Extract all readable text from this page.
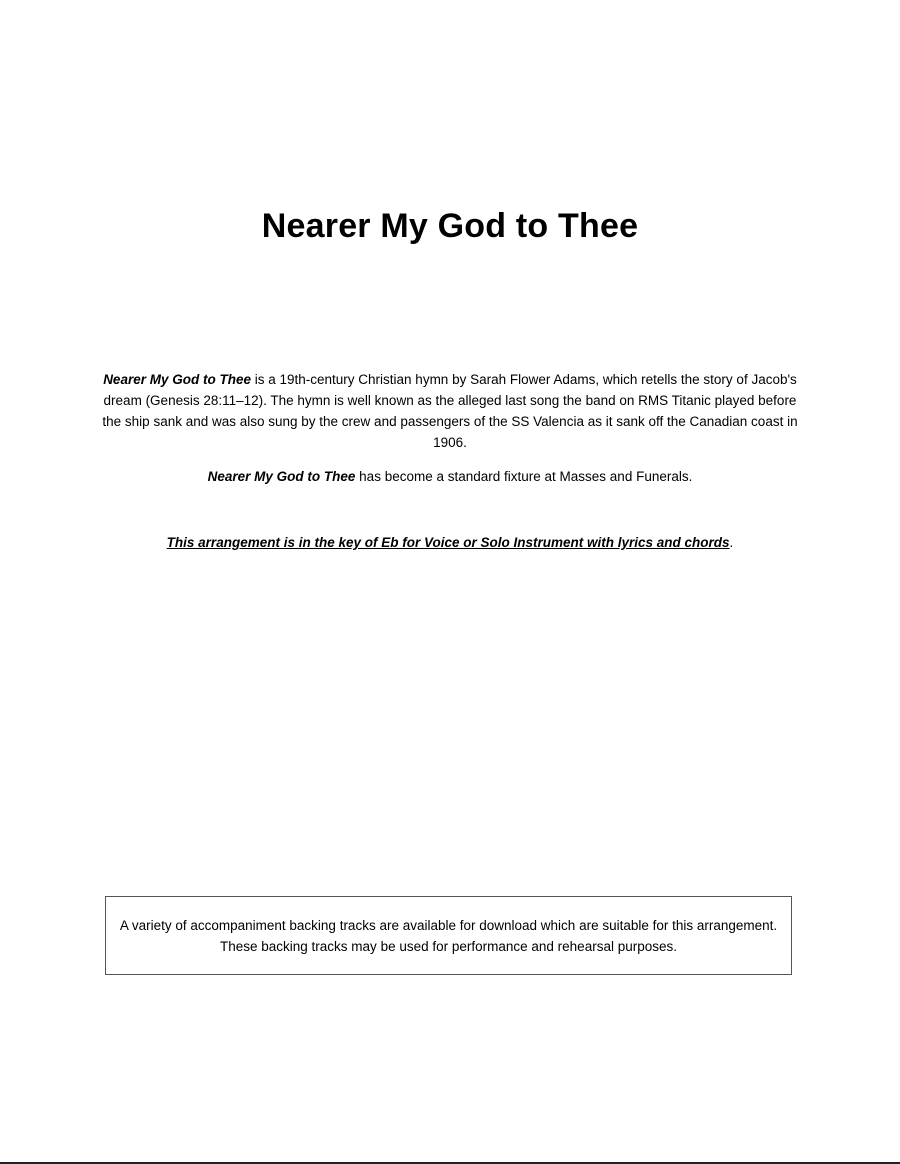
Nearer My God to Thee

Nearer My God to Thee is a 19th-century Christian hymn by Sarah Flower Adams, which retells the story of Jacob's dream (Genesis 28:11–12). The hymn is well known as the alleged last song the band on RMS Titanic played before the ship sank and was also sung by the crew and passengers of the SS Valencia as it sank off the Canadian coast in 1906.

Nearer My God to Thee has become a standard fixture at Masses and Funerals.

This arrangement is in the key of Eb for Voice or Solo Instrument with lyrics and chords.

A variety of accompaniment backing tracks are available for download which are suitable for this arrangement. These backing tracks may be used for performance and rehearsal purposes.
